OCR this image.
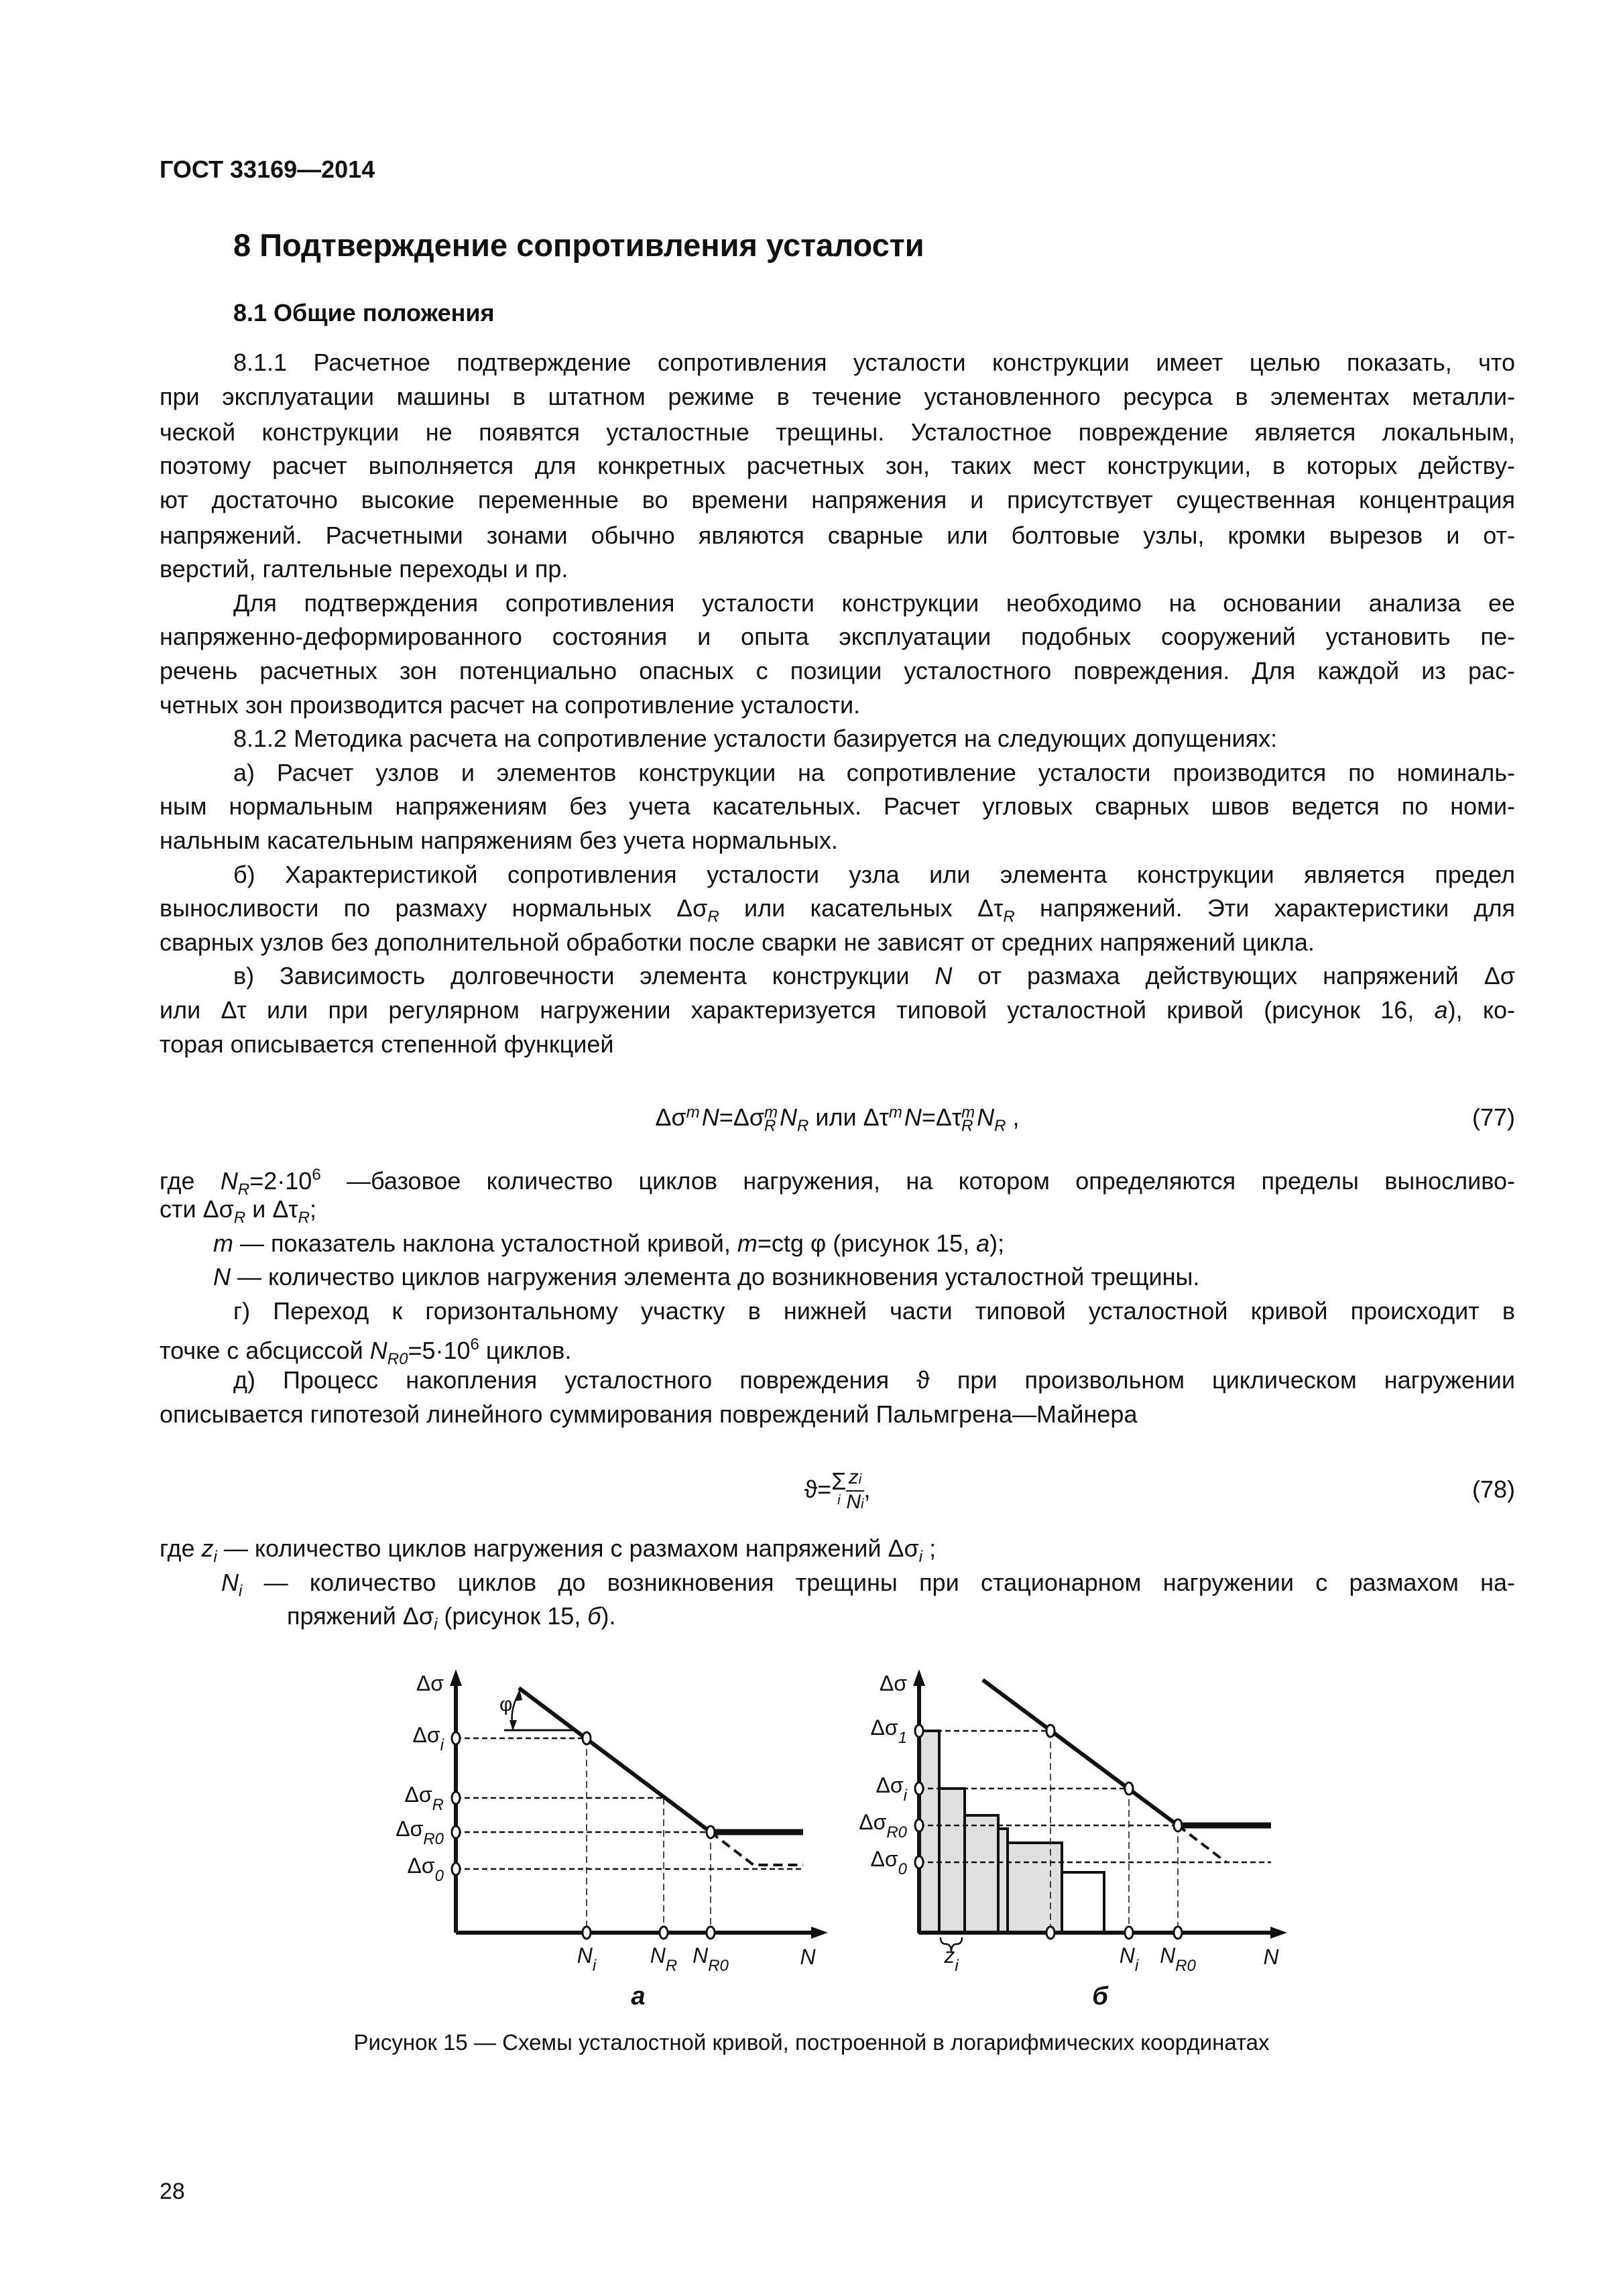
ГОСТ 33169—2014
8 Подтверждение сопротивления усталости
8.1 Общие положения
8.1.1 Расчетное подтверждение сопротивления усталости конструкции имеет целью показать, что
при эксплуатации машины в штатном режиме в течение установленного ресурса в элементах металли-
ческой конструкции не появятся усталостные трещины. Усталостное повреждение является локальным,
поэтому расчет выполняется для конкретных расчетных зон, таких мест конструкции, в которых действу-
ют достаточно высокие переменные во времени напряжения и присутствует существенная концентрация
напряжений. Расчетными зонами обычно являются сварные или болтовые узлы, кромки вырезов и от-
верстий, галтельные переходы и пр.
Для подтверждения сопротивления усталости конструкции необходимо на основании анализа ее
напряженно-деформированного состояния и опыта эксплуатации подобных сооружений установить пе-
речень расчетных зон потенциально опасных с позиции усталостного повреждения. Для каждой из рас-
четных зон производится расчет на сопротивление усталости.
8.1.2 Методика расчета на сопротивление усталости базируется на следующих допущениях:
а) Расчет узлов и элементов конструкции на сопротивление усталости производится по номиналь-
ным нормальным напряжениям без учета касательных. Расчет угловых сварных швов ведется по номи-
нальным касательным напряжениям без учета нормальных.
б) Характеристикой сопротивления усталости узла или элемента конструкции является предел
выносливости по размаху нормальных $\Delta\sigma_R$ или касательных $\Delta\tau_R$ напряжений. Эти характеристики для
сварных узлов без дополнительной обработки после сварки не зависят от средних напряжений цикла.
в) Зависимость долговечности элемента конструкции N от размаха действующих напряжений Δσ
или Δτ или при регулярном нагружении характеризуется типовой усталостной кривой (рисунок 16, а), ко-
торая описывается степенной функцией
Δσ m
N=Δσ m
R $N_R$ или Δτ m
N=Δτ m
R $N_R$ ,	(77)
где $N_R=2\cdot 10^6$ —базовое количество циклов нагружения, на котором определяются пределы выносливо-
сти $\Delta\sigma_R$ и $\Delta\tau_R$;
m — показатель наклона усталостной кривой, m=ctg φ (рисунок 15, а);
N — количество циклов нагружения элемента до возникновения усталостной трещины.
г) Переход к горизонтальному участку в нижней части типовой усталостной кривой происходит в
точке с абсциссой $N_{R0}=5\cdot 10^6$ циклов.
д) Процесс накопления усталостного повреждения ϑ при произвольном циклическом нагружении
описывается гипотезой линейного суммирования повреждений Пальмгрена—Майнера
ϑ= Σ
i $\frac{zi}{Ni}$ ,	(78)
где $z_i$ — количество циклов нагружения с размахом напряжений $\Delta\sigma_i$ ;
$N_i$ — количество циклов до возникновения трещины при стационарном нагружении с размахом на-
пряжений $\Delta\sigma_i$ (рисунок 15, б).
Δσ
φ
$\Delta\sigma_i$
$\Delta\sigma_R$
$\Delta\sigma_{R0}$
$\Delta\sigma_0$
$N_i$	$N_R$ $N_{R0}$	N
а
Δσ
$\Delta\sigma_1$
$\Delta\sigma_i$
$\Delta\sigma_{R0}$
$\Delta\sigma_0$
$z_i$	$N_i$ $N_{R0}$	N
б
Рисунок 15 — Схемы усталостной кривой, построенной в логарифмических координатах
28
